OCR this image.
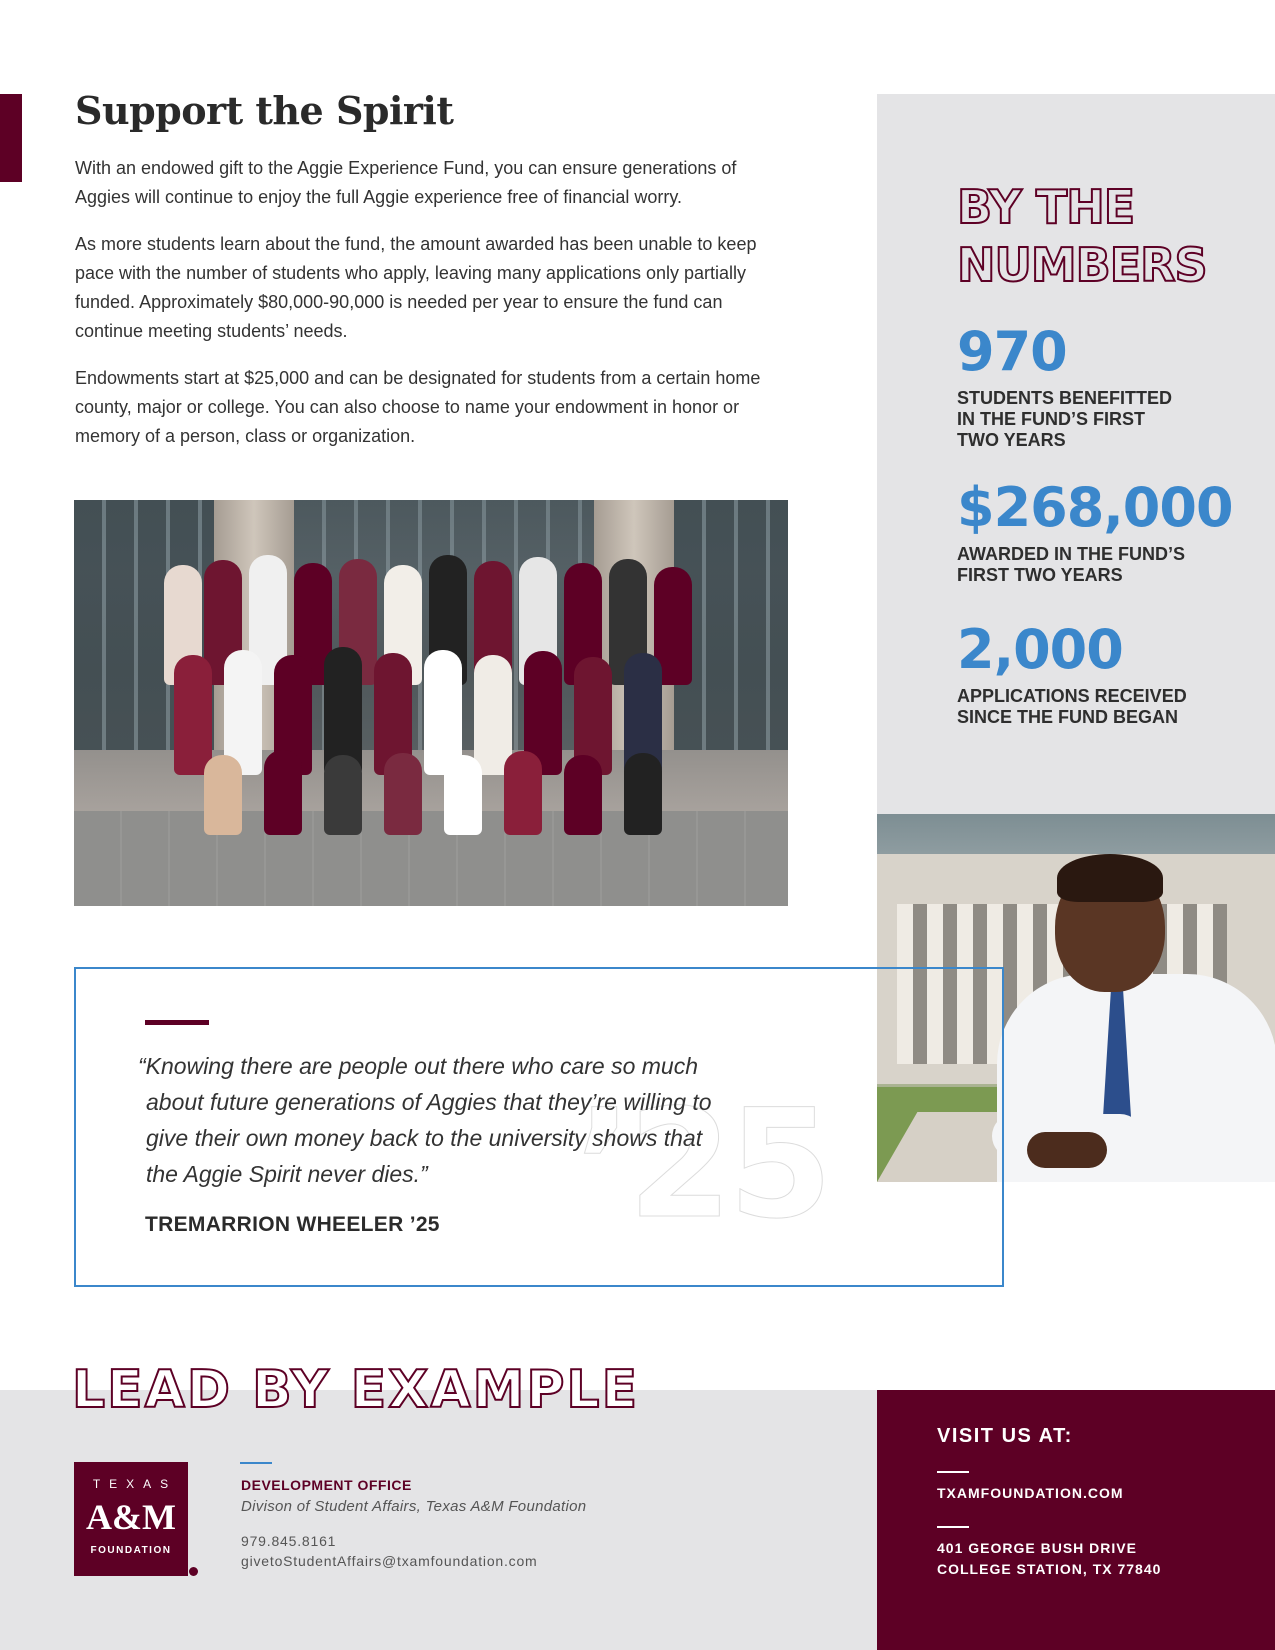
Support the Spirit

With an endowed gift to the Aggie Experience Fund, you can ensure generations of Aggies will continue to enjoy the full Aggie experience free of financial worry.

As more students learn about the fund, the amount awarded has been unable to keep pace with the number of students who apply, leaving many applications only partially funded. Approximately $80,000-90,000 is needed per year to ensure the fund can continue meeting students’ needs.

Endowments start at $25,000 and can be designated for students from a certain home county, major or college. You can also choose to name your endowment in honor or memory of a person, class or organization.

BY THE
NUMBERS
970
STUDENTS BENEFITTED
IN THE FUND’S FIRST
TWO YEARS
$268,000
AWARDED IN THE FUND’S
FIRST TWO YEARS
2,000
APPLICATIONS RECEIVED
SINCE THE FUND BEGAN
’25
“Knowing there are people out there who care so much
about future generations of Aggies that they’re willing to
give their own money back to the university shows that
the Aggie Spirit never dies.”
TREMARRION WHEELER ’25
LEAD BY EXAMPLE
TEXAS
A&M
FOUNDATION
DEVELOPMENT OFFICE
Divison of Student Affairs, Texas A&M Foundation
979.845.8161
givetoStudentAffairs@txamfoundation.com
VISIT US AT:
TXAMFOUNDATION.COM
401 GEORGE BUSH DRIVE
COLLEGE STATION, TX 77840
